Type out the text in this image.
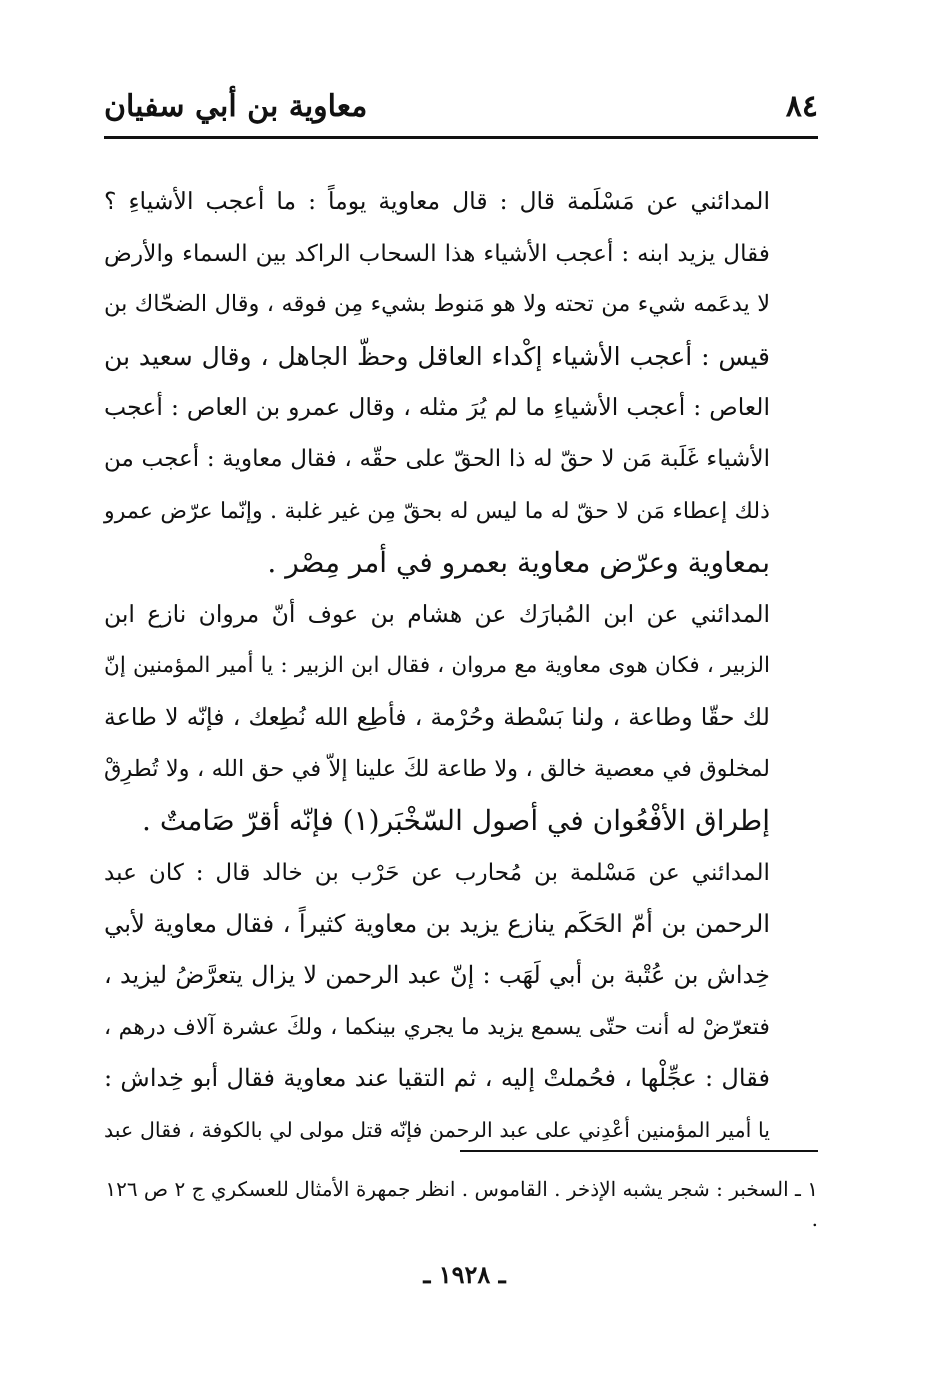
٨٤
معاوية بن أبي سفيان

المدائني عن مَسْلَمة قال : قال معاوية يوماً : ما أعجب الأشياءِ ؟
فقال يزيد ابنه : أعجب الأشياء هذا السحاب الراكد بين السماء والأرض
لا يدعَمه شيء من تحته ولا هو مَنوط بشيء مِن فوقه ، وقال الضحّاك بن
قيس : أعجب الأشياء إكْداء العاقل وحظّ الجاهل ، وقال سعيد بن
العاص : أعجب الأشياءِ ما لم يُرَ مثله ، وقال عمرو بن العاص : أعجب
الأشياء غَلَبة مَن لا حقّ له ذا الحقّ على حقّه ، فقال معاوية : أعجب من
ذلك إعطاء مَن لا حقّ له ما ليس له بحقّ مِن غير غلبة . وإنّما عرّض عمرو
بمعاوية وعرّض معاوية بعمرو في أمر مِصْر .

المدائني عن ابن المُبارَك عن هشام بن عوف أنّ مروان نازع ابن
الزبير ، فكان هوى معاوية مع مروان ، فقال ابن الزبير : يا أمير المؤمنين إنّ
لك حقّا وطاعة ، ولنا بَسْطة وحُرْمة ، فأطِع الله نُطِعك ، فإنّه لا طاعة
لمخلوق في معصية خالق ، ولا طاعة لكَ علينا إلاّ في حق الله ، ولا تُطرِقْ
إطراق الأفْعُوان في أصول السّخْبَر(١) فإنّه أقرّ صَامتٌ .

المدائني عن مَسْلمة بن مُحارب عن حَرْب بن خالد قال : كان عبد
الرحمن بن أمّ الحَكَم ينازع يزيد بن معاوية كثيراً ، فقال معاوية لأبي
خِداش بن عُتْبة بن أبي لَهَب : إنّ عبد الرحمن لا يزال يتعرَّضُ ليزيد ،
فتعرّضْ له أنت حتّى يسمع يزيد ما يجري بينكما ، ولكَ عشرة آلاف درهم ،
فقال : عجِّلْها ، فحُملتْ إليه ، ثم التقيا عند معاوية فقال أبو خِداش :
يا أمير المؤمنين أعْدِني على عبد الرحمن فإنّه قتل مولى لي بالكوفة ، فقال عبد

١ ـ السخبر : شجر يشبه الإذخر . القاموس . انظر جمهرة الأمثال للعسكري ج ٢ ص ١٢٦ .
ـ ١٩٢٨ ـ
